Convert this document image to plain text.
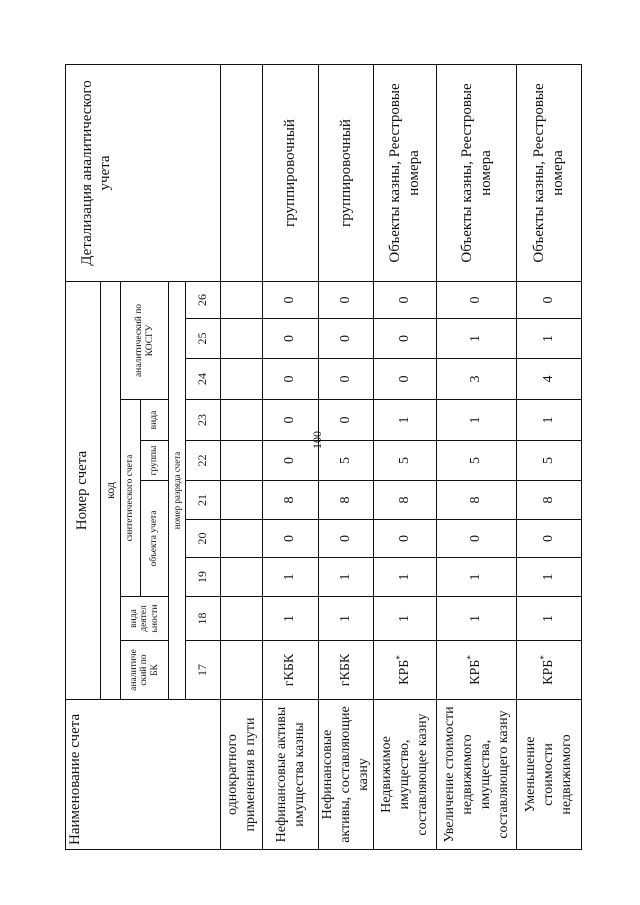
100
Наименование счета	Номер счета										Детализация аналитического
учета
	код										
	аналитиче
ский по
БК	вида
деятел
ьности	синтетического счета					аналитический по
КОСГУ			
			объекта учета			группы	вида				
	номер разряда счета										
	17	18	19	20	21	22	23	24	25	26	
однократного
применения в пути											
Нефинансовые активы
имущества казны	гКБК	1	1	0	8	0	0	0	0	0	группировочный
Нефинансовые
активы, составляющие
казну	гКБК	1	1	0	8	5	0	0	0	0	группировочный
Недвижимое
имущество,
составляющее казну	КРБ*	1	1	0	8	5	1	0	0	0	Объекты казны, Реестровые
номера
Увеличение стоимости
недвижимого
имущества,
составляющего казну	КРБ*	1	1	0	8	5	1	3	1	0	Объекты казны, Реестровые
номера
Уменьшение
стоимости
недвижимого	КРБ*	1	1	0	8	5	1	4	1	0	Объекты казны, Реестровые
номера
